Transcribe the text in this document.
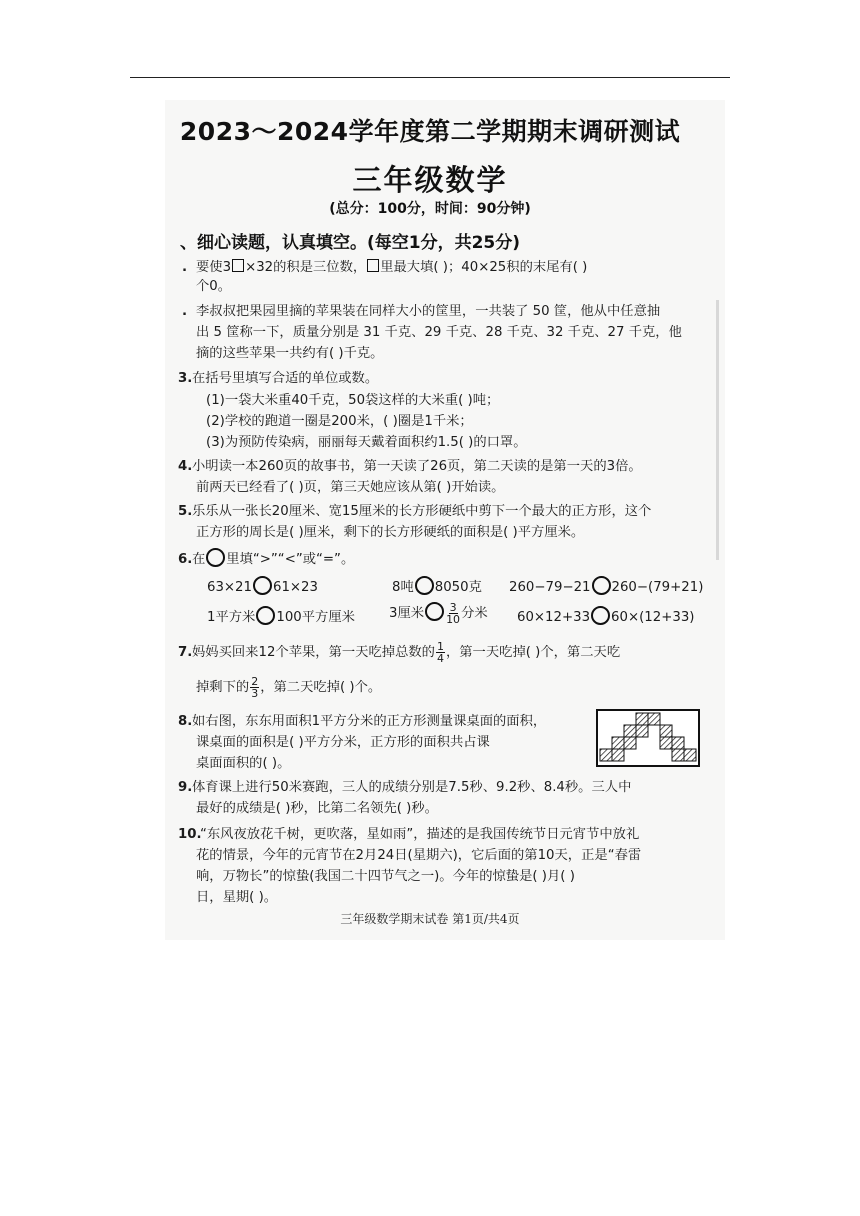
2023～2024学年度第二学期期末调研测试
三年级数学
(总分：100分，时间：90分钟)
、细心读题，认真填空。(每空1分，共25分)
. 要使3 ×32的积是三位数， 里最大填( )；40×25积的末尾有( )
个0。
. 李叔叔把果园里摘的苹果装在同样大小的筐里，一共装了 50 筐，他从中任意抽
出 5 筐称一下，质量分别是 31 千克、29 千克、28 千克、32 千克、27 千克，他
摘的这些苹果一共约有( )千克。
3.在括号里填写合适的单位或数。
(1)一袋大米重40千克，50袋这样的大米重( )吨；
(2)学校的跑道一圈是200米，( )圈是1千米；
(3)为预防传染病，丽丽每天戴着面积约1.5( )的口罩。
4.小明读一本260页的故事书，第一天读了26页，第二天读的是第一天的3倍。
前两天已经看了( )页，第三天她应该从第( )开始读。
5.乐乐从一张长20厘米、宽15厘米的长方形硬纸中剪下一个最大的正方形，这个
正方形的周长是( )厘米，剩下的长方形硬纸的面积是( )平方厘米。
6.在 里填“>”“<”或“=”。
63×21 61×23	8吨 8050克 260−79−21 260−(79+21)
1平方米 100平方厘米	3厘米 $\frac{3}{10}$ 分米 60×12+33 60×(12+33)
7.妈妈买回来12个苹果，第一天吃掉总数的 $\frac{1}{4}$ ，第一天吃掉( )个，第二天吃
掉剩下的 $\frac{2}{3}$ ，第二天吃掉( )个。
8.如右图，东东用面积1平方分米的正方形测量课桌面的面积，
课桌面的面积是( )平方分米，正方形的面积共占课
桌面面积的( )。
9.体育课上进行50米赛跑，三人的成绩分别是7.5秒、9.2秒、8.4秒。三人中
最好的成绩是( )秒，比第二名领先( )秒。
10.“东风夜放花千树，更吹落，星如雨”，描述的是我国传统节日元宵节中放礼
花的情景，今年的元宵节在2月24日(星期六)，它后面的第10天，正是“春雷
响，万物长”的惊蛰(我国二十四节气之一)。今年的惊蛰是( )月( )
日，星期( )。
三年级数学期末试卷 第1页/共4页
